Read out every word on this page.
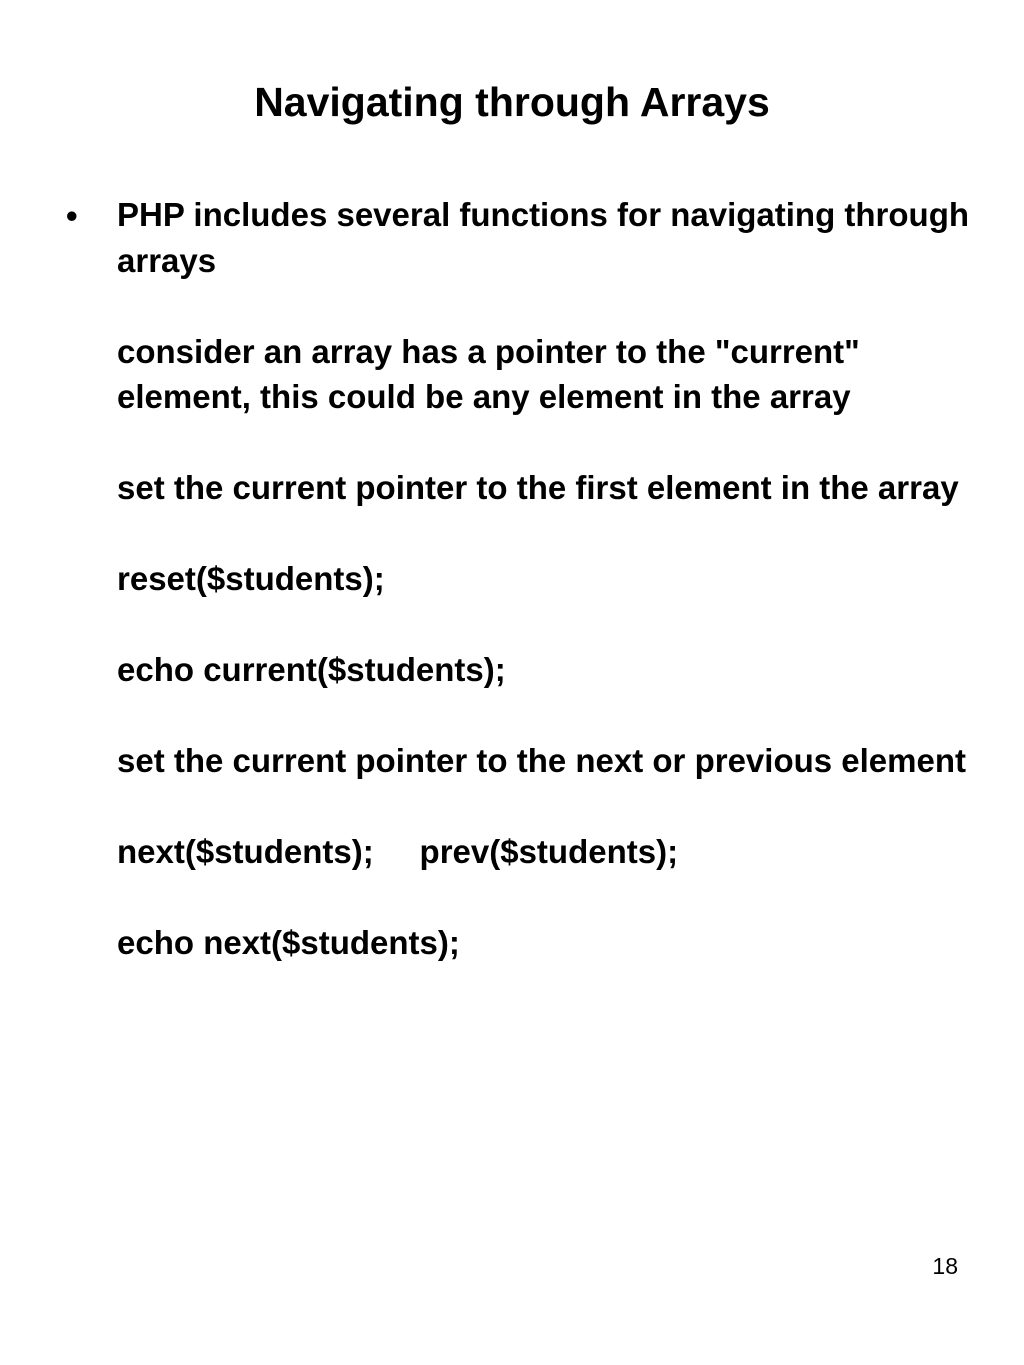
Navigating through Arrays
• PHP includes several functions for navigating through arrays

consider an array has a pointer to the "current" element, this could be any element in the array

set the current pointer to the first element in the array

reset($students);

echo current($students);

set the current pointer to the next or previous element

next($students); prev($students);

echo next($students);

18
